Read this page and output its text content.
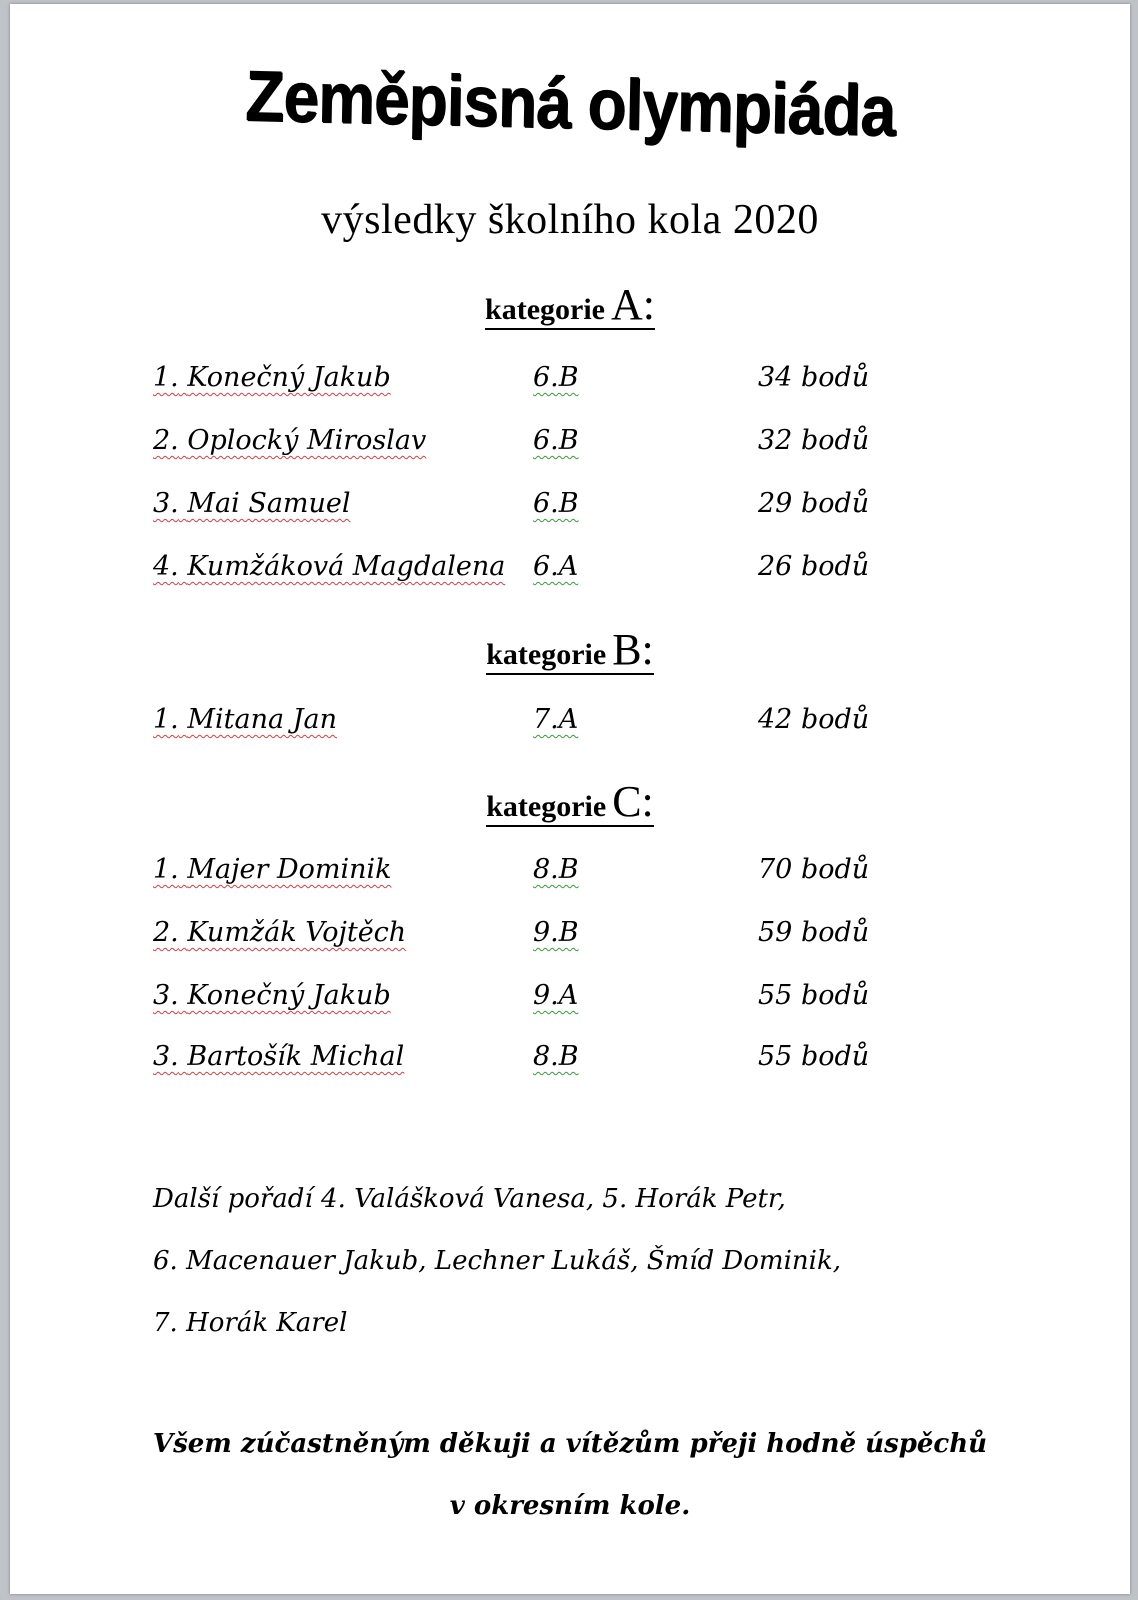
Zeměpisná olympiáda
výsledky školního kola 2020
kategorie A:
1. Konečný Jakub	6.B	34 bodů
2. Oplocký Miroslav	6.B	32 bodů
3. Mai Samuel	6.B	29 bodů
4. Kumžáková Magdalena 6.A	26 bodů
kategorie B:
1. Mitana Jan	7.A	42 bodů
kategorie C:
1. Majer Dominik	8.B	70 bodů
2. Kumžák Vojtěch	9.B	59 bodů
3. Konečný Jakub	9.A	55 bodů
3. Bartošík Michal	8.B	55 bodů
Další pořadí 4. Valášková Vanesa, 5. Horák Petr,
6. Macenauer Jakub, Lechner Lukáš, Šmíd Dominik,
7. Horák Karel
Všem zúčastněným děkuji a vítězům přeji hodně úspěchů
v okresním kole.
